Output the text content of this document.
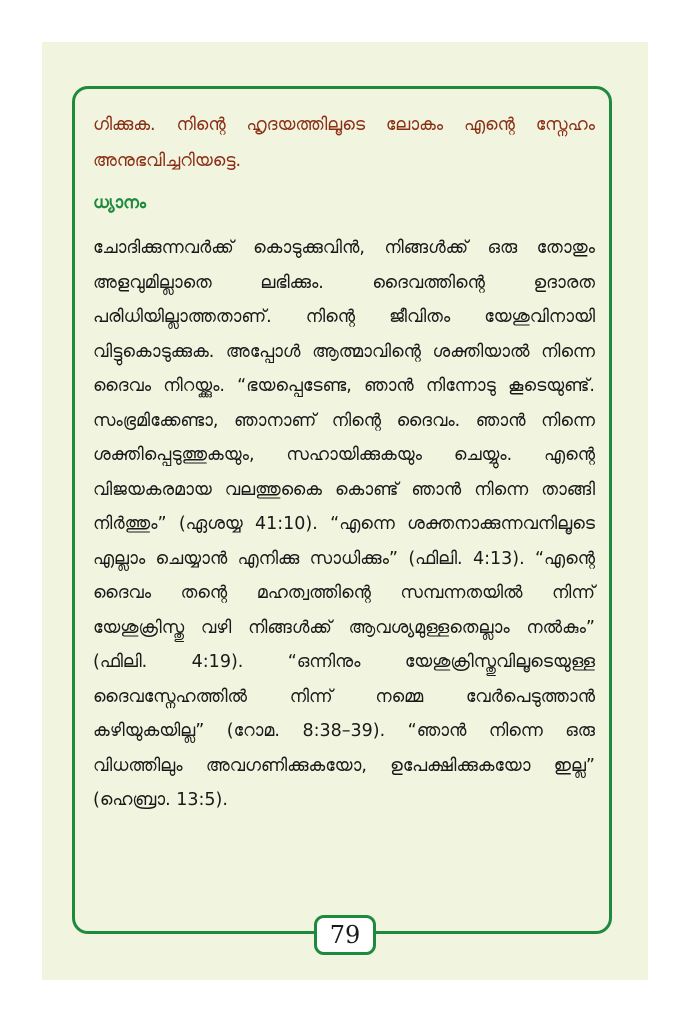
ഗിക്കുക. നിന്റെ ഹൃദയത്തിലൂടെ ലോകം എന്റെ സ്നേഹം അനുഭവിച്ചറിയട്ടെ.

ധ്യാനം

ചോദിക്കുന്നവർക്ക് കൊടുക്കുവിൻ, നിങ്ങൾക്ക് ഒരു തോതും അളവുമില്ലാതെ ലഭിക്കും. ദൈവത്തിന്റെ ഉദാരത പരിധിയില്ലാത്തതാണ്. നിന്റെ ജീവിതം യേശുവിനായി വിട്ടുകൊടുക്കുക. അപ്പോൾ ആത്മാവിന്റെ ശക്തിയാൽ നിന്നെ ദൈവം നിറയ്ക്കും. “ഭയപ്പെടേണ്ട, ഞാൻ നിന്നോടു കൂടെയുണ്ട്. സംഭ്രമിക്കേണ്ടാ, ഞാനാണ് നിന്റെ ദൈവം. ഞാൻ നിന്നെ ശക്തിപ്പെടുത്തുകയും, സഹായിക്കുകയും ചെയ്യും. എന്റെ വിജയകരമായ വലത്തുകൈ കൊണ്ട് ഞാൻ നിന്നെ താങ്ങി നിർത്തും” (ഏശയ്യ 41:10). “എന്നെ ശക്തനാക്കുന്നവനിലൂടെ എല്ലാം ചെയ്യാൻ എനിക്കു സാധിക്കും” (ഫിലി. 4:13). “എന്റെ ദൈവം തന്റെ മഹത്വത്തിന്റെ സമ്പന്നതയിൽ നിന്ന് യേശുക്രിസ്തു വഴി നിങ്ങൾക്ക് ആവശ്യമുള്ളതെല്ലാം നൽകും” (ഫിലി. 4:19). “ഒന്നിനും യേശുക്രിസ്തുവിലൂടെയുള്ള ദൈവസ്നേഹത്തിൽ നിന്ന് നമ്മെ വേർപെടുത്താൻ കഴിയുകയില്ല” (റോമ. 8:38–39). “ഞാൻ നിന്നെ ഒരു വിധത്തിലും അവഗണിക്കുകയോ, ഉപേക്ഷിക്കുകയോ ഇല്ല” (ഹെബ്രാ. 13:5).

79
